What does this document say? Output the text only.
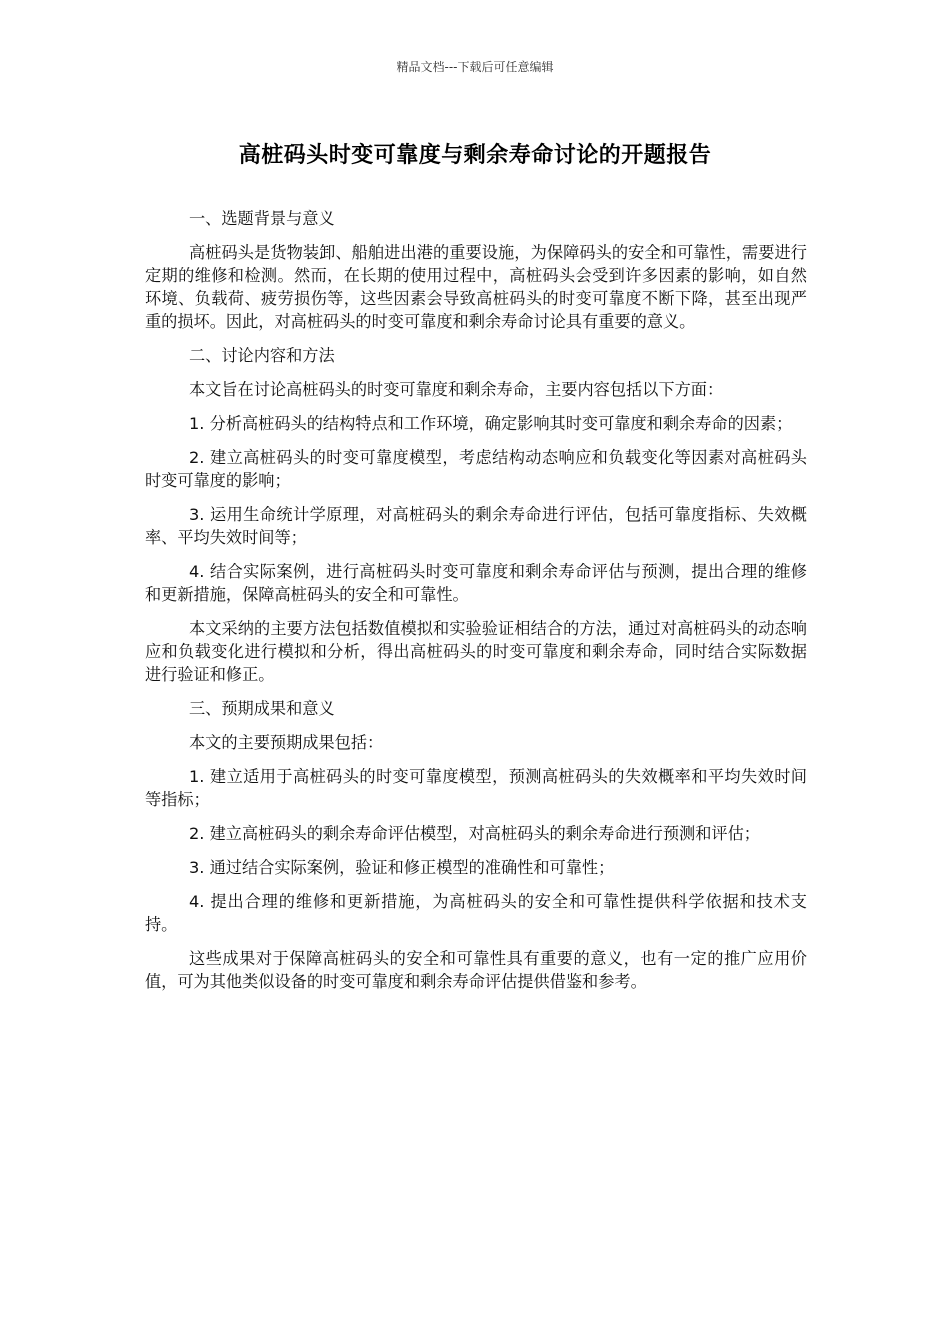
精品文档---下载后可任意编辑
高桩码头时变可靠度与剩余寿命讨论的开题报告

一、选题背景与意义

高桩码头是货物装卸、船舶进出港的重要设施，为保障码头的安全和可靠性，需要进行定期的维修和检测。然而，在长期的使用过程中，高桩码头会受到许多因素的影响，如自然环境、负载荷、疲劳损伤等，这些因素会导致高桩码头的时变可靠度不断下降，甚至出现严重的损坏。因此，对高桩码头的时变可靠度和剩余寿命讨论具有重要的意义。

二、讨论内容和方法

本文旨在讨论高桩码头的时变可靠度和剩余寿命，主要内容包括以下方面：

1. 分析高桩码头的结构特点和工作环境，确定影响其时变可靠度和剩余寿命的因素；

2. 建立高桩码头的时变可靠度模型，考虑结构动态响应和负载变化等因素对高桩码头时变可靠度的影响；

3. 运用生命统计学原理，对高桩码头的剩余寿命进行评估，包括可靠度指标、失效概率、平均失效时间等；

4. 结合实际案例，进行高桩码头时变可靠度和剩余寿命评估与预测，提出合理的维修和更新措施，保障高桩码头的安全和可靠性。

本文采纳的主要方法包括数值模拟和实验验证相结合的方法，通过对高桩码头的动态响应和负载变化进行模拟和分析，得出高桩码头的时变可靠度和剩余寿命，同时结合实际数据进行验证和修正。

三、预期成果和意义

本文的主要预期成果包括：

1. 建立适用于高桩码头的时变可靠度模型，预测高桩码头的失效概率和平均失效时间等指标；

2. 建立高桩码头的剩余寿命评估模型，对高桩码头的剩余寿命进行预测和评估；

3. 通过结合实际案例，验证和修正模型的准确性和可靠性；

4. 提出合理的维修和更新措施，为高桩码头的安全和可靠性提供科学依据和技术支持。

这些成果对于保障高桩码头的安全和可靠性具有重要的意义，也有一定的推广应用价值，可为其他类似设备的时变可靠度和剩余寿命评估提供借鉴和参考。
